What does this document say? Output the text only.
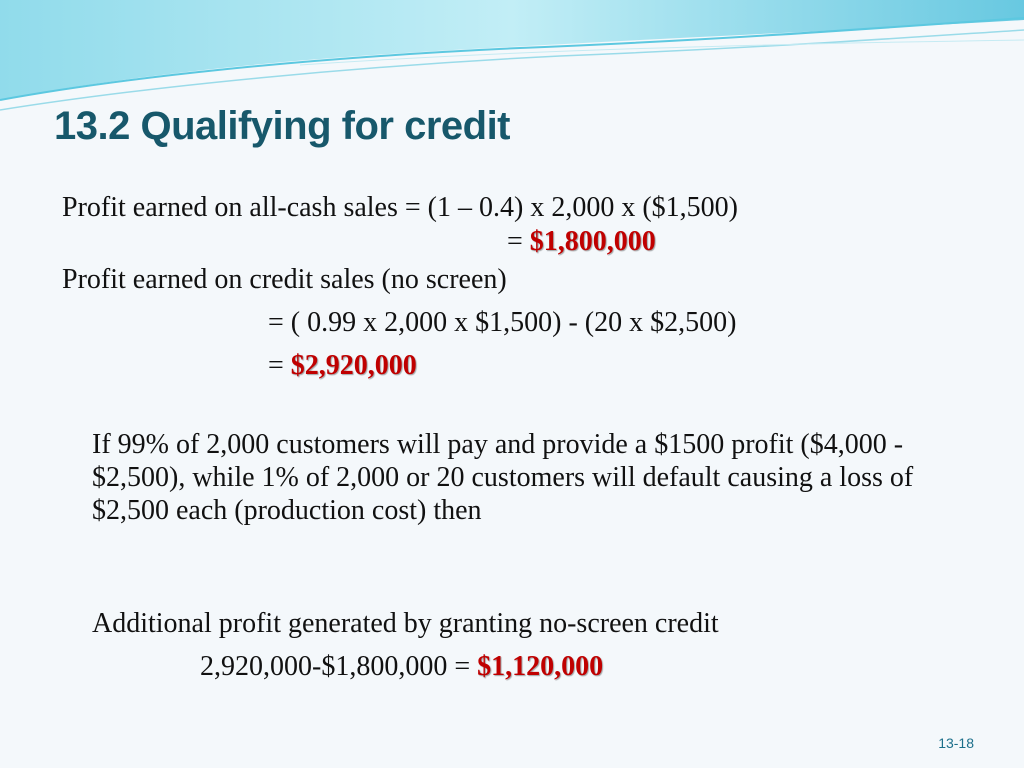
13.2 Qualifying for credit
Profit earned on all-cash sales = (1 – 0.4) x 2,000 x ($1,500)
= $1,800,000
Profit earned on credit sales (no screen)
= ( 0.99 x 2,000 x $1,500) - (20 x $2,500)
= $2,920,000
If 99% of 2,000 customers will pay and provide a $1500 profit ($4,000 - $2,500), while 1% of 2,000 or 20 customers will default causing a loss of $2,500 each (production cost) then
Additional profit generated by granting no-screen credit
2,920,000-$1,800,000 = $1,120,000
13-18
